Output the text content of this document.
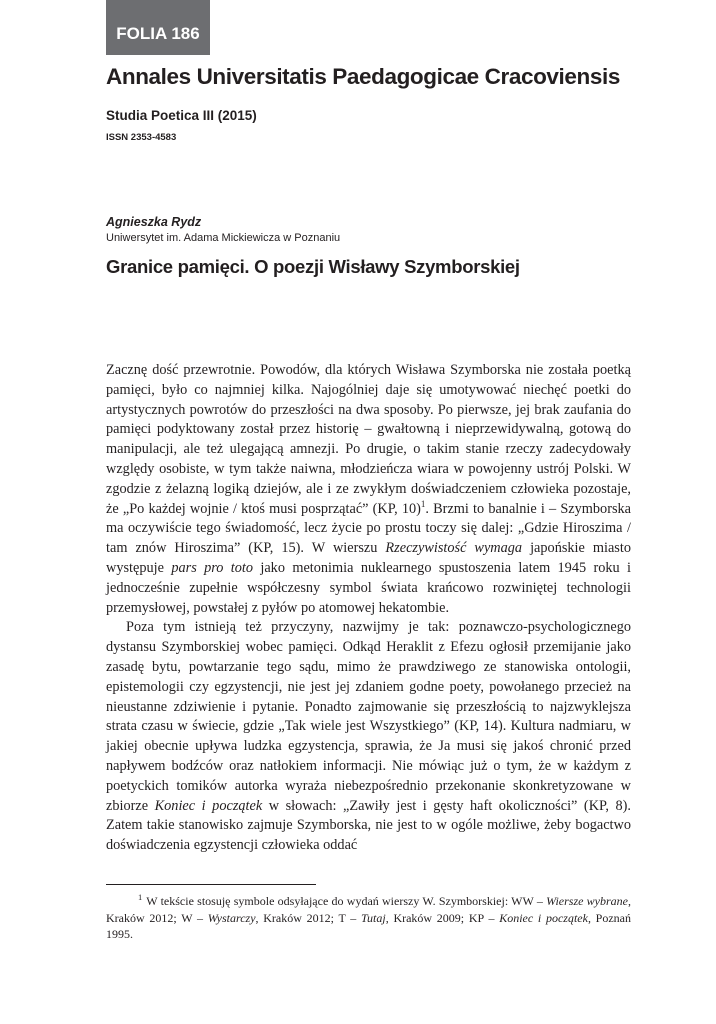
FOLIA 186
Annales Universitatis Paedagogicae Cracoviensis
Studia Poetica III (2015)
ISSN 2353-4583
Agnieszka Rydz
Uniwersytet im. Adama Mickiewicza w Poznaniu
Granice pamięci. O poezji Wisławy Szymborskiej

Zacznę dość przewrotnie. Powodów, dla których Wisława Szymborska nie została poetką pamięci, było co najmniej kilka. Najogólniej daje się umotywować niechęć poetki do artystycznych powrotów do przeszłości na dwa sposoby. Po pierwsze, jej brak zaufania do pamięci podyktowany został przez historię – gwałtowną i nieprzewidywalną, gotową do manipulacji, ale też ulegającą amnezji. Po drugie, o takim stanie rzeczy zadecydowały względy osobiste, w tym także naiwna, młodzieńcza wiara w powojenny ustrój Polski. W zgodzie z żelazną logiką dziejów, ale i ze zwykłym doświadczeniem człowieka pozostaje, że „Po każdej wojnie / ktoś musi posprzątać” (KP, 10)$^1$. Brzmi to banalnie i – Szymborska ma oczywiście tego świadomość, lecz życie po prostu toczy się dalej: „Gdzie Hiroszima / tam znów Hiroszima” (KP, 15). W wierszu Rzeczywistość wymaga japońskie miasto występuje pars pro toto jako metonimia nuklearnego spustoszenia latem 1945 roku i jednocześnie zupełnie współczesny symbol świata krańcowo rozwiniętej technologii przemysłowej, powstałej z pyłów po atomowej hekatombie.

Poza tym istnieją też przyczyny, nazwijmy je tak: poznawczo-psychologicznego dystansu Szymborskiej wobec pamięci. Odkąd Heraklit z Efezu ogłosił przemijanie jako zasadę bytu, powtarzanie tego sądu, mimo że prawdziwego ze stanowiska ontologii, epistemologii czy egzystencji, nie jest jej zdaniem godne poety, powołanego przecież na nieustanne zdziwienie i pytanie. Ponadto zajmowanie się przeszłością to najzwyklejsza strata czasu w świecie, gdzie „Tak wiele jest Wszystkiego” (KP, 14). Kultura nadmiaru, w jakiej obecnie upływa ludzka egzystencja, sprawia, że Ja musi się jakoś chronić przed napływem bodźców oraz natłokiem informacji. Nie mówiąc już o tym, że w każdym z poetyckich tomików autorka wyraża niebezpośrednio przekonanie skonkretyzowane w zbiorze Koniec i początek w słowach: „Zawiły jest i gęsty haft okoliczności” (KP, 8). Zatem takie stanowisko zajmuje Szymborska, nie jest to w ogóle możliwe, żeby bogactwo doświadczenia egzystencji człowieka oddać

$^1$ W tekście stosuję symbole odsyłające do wydań wierszy W. Szymborskiej: WW – Wiersze wybrane, Kraków 2012; W – Wystarczy, Kraków 2012; T – Tutaj, Kraków 2009; KP – Koniec i początek, Poznań 1995.
